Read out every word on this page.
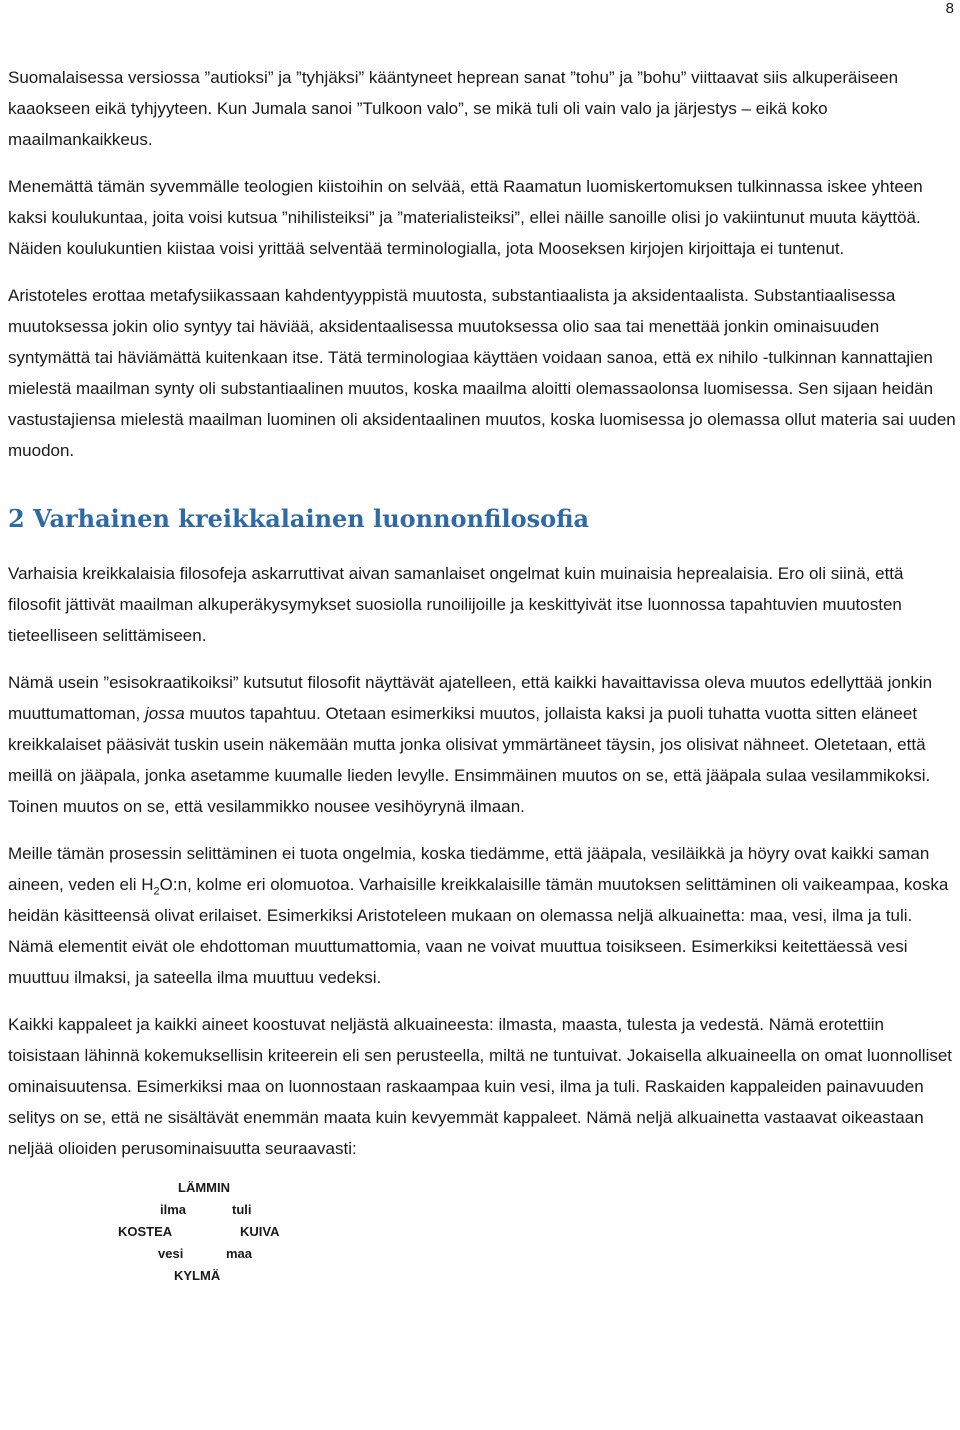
8

Suomalaisessa versiossa ”autioksi” ja ”tyhjäksi” kääntyneet heprean sanat ”tohu” ja ”bohu” viittaavat siis alkuperäiseen kaaokseen eikä tyhjyyteen. Kun Jumala sanoi ”Tulkoon valo”, se mikä tuli oli vain valo ja järjestys – eikä koko maailmankaikkeus.

Menemättä tämän syvemmälle teologien kiistoihin on selvää, että Raamatun luomiskertomuksen tulkinnassa iskee yhteen kaksi koulukuntaa, joita voisi kutsua ”nihilisteiksi” ja ”materialisteiksi”, ellei näille sanoille olisi jo vakiintunut muuta käyttöä. Näiden koulukuntien kiistaa voisi yrittää selventää terminologialla, jota Mooseksen kirjojen kirjoittaja ei tuntenut.

Aristoteles erottaa metafysiikassaan kahdentyyppistä muutosta, substantiaalista ja aksidentaalista. Substantiaalisessa muutoksessa jokin olio syntyy tai häviää, aksidentaalisessa muutoksessa olio saa tai menettää jonkin ominaisuuden syntymättä tai häviämättä kuitenkaan itse. Tätä terminologiaa käyttäen voidaan sanoa, että ex nihilo -tulkinnan kannattajien mielestä maailman synty oli substantiaalinen muutos, koska maailma aloitti olemassaolonsa luomisessa. Sen sijaan heidän vastustajiensa mielestä maailman luominen oli aksidentaalinen muutos, koska luomisessa jo olemassa ollut materia sai uuden muodon.

2 Varhainen kreikkalainen luonnonfilosofia

Varhaisia kreikkalaisia filosofeja askarruttivat aivan samanlaiset ongelmat kuin muinaisia heprealaisia. Ero oli siinä, että filosofit jättivät maailman alkuperäkysymykset suosiolla runoilijoille ja keskittyivät itse luonnossa tapahtuvien muutosten tieteelliseen selittämiseen.

Nämä usein ”esisokraatikoiksi” kutsutut filosofit näyttävät ajatelleen, että kaikki havaittavissa oleva muutos edellyttää jonkin muuttumattoman, jossa muutos tapahtuu. Otetaan esimerkiksi muutos, jollaista kaksi ja puoli tuhatta vuotta sitten eläneet kreikkalaiset pääsivät tuskin usein näkemään mutta jonka olisivat ymmärtäneet täysin, jos olisivat nähneet. Oletetaan, että meillä on jääpala, jonka asetamme kuumalle lieden levylle. Ensimmäinen muutos on se, että jääpala sulaa vesilammikoksi. Toinen muutos on se, että vesilammikko nousee vesihöyrynä ilmaan.

Meille tämän prosessin selittäminen ei tuota ongelmia, koska tiedämme, että jääpala, vesiläikkä ja höyry ovat kaikki saman aineen, veden eli $H_2O:n$, kolme eri olomuotoa. Varhaisille kreikkalaisille tämän muutoksen selittäminen oli vaikeampaa, koska heidän käsitteensä olivat erilaiset. Esimerkiksi Aristoteleen mukaan on olemassa neljä alkuainetta: maa, vesi, ilma ja tuli. Nämä elementit eivät ole ehdottoman muuttumattomia, vaan ne voivat muuttua toisikseen. Esimerkiksi keitettäessä vesi muuttuu ilmaksi, ja sateella ilma muuttuu vedeksi.

Kaikki kappaleet ja kaikki aineet koostuvat neljästä alkuaineesta: ilmasta, maasta, tulesta ja vedestä. Nämä erotettiin toisistaan lähinnä kokemuksellisin kriteerein eli sen perusteella, miltä ne tuntuivat. Jokaisella alkuaineella on omat luonnolliset ominaisuutensa. Esimerkiksi maa on luonnostaan raskaampaa kuin vesi, ilma ja tuli. Raskaiden kappaleiden painavuuden selitys on se, että ne sisältävät enemmän maata kuin kevyemmät kappaleet. Nämä neljä alkuainetta vastaavat oikeastaan neljää olioiden perusominaisuutta seuraavasti:

LÄMMIN
ilma	tuli
KOSTEA	KUIVA
vesi	maa
KYLMÄ
